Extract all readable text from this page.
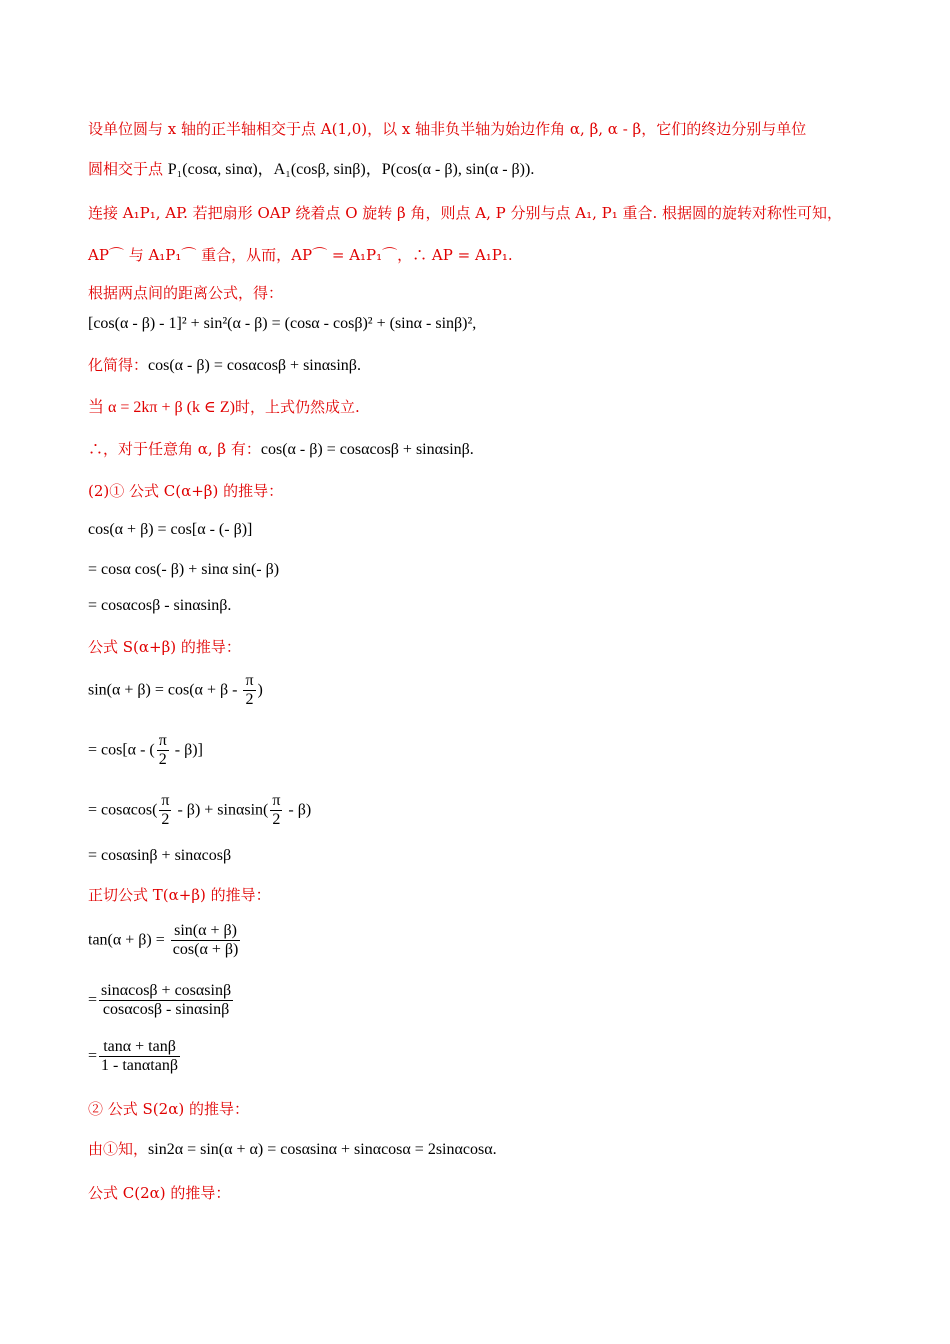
设单位圆与 x 轴的正半轴相交于点 A(1,0)，以 x 轴非负半轴为始边作角 α, β, α - β，它们的终边分别与单位
圆相交于点 P₁(cosα, sinα)，A₁(cosβ, sinβ)，P(cos(α - β), sin(α - β)).
连接 A₁P₁, AP. 若把扇形 OAP 绕着点 O 旋转 β 角，则点 A, P 分别与点 A₁, P₁ 重合. 根据圆的旋转对称性可知，
AP⌒ 与 A₁P₁⌒ 重合，从而，AP⌒ = A₁P₁⌒，∴ AP = A₁P₁.
根据两点间的距离公式，得：
[cos(α - β) - 1]² + sin²(α - β) = (cosα - cosβ)² + (sinα - sinβ)²,
化简得：cos(α - β) = cosαcosβ + sinαsinβ.
当 α = 2kπ + β (k ∈ Z)时，上式仍然成立.
∴，对于任意角 α, β 有：cos(α - β) = cosαcosβ + sinαsinβ.
(2)① 公式 C(α+β) 的推导：
cos(α + β) = cos[α - (- β)]
= cosα cos(- β) + sinα sin(- β)
= cosαcosβ - sinαsinβ.
公式 S(α+β) 的推导：
$\sin(\alpha + \beta) = \cos(\alpha + \beta - \frac{\pi}{2}$ )
= cos[α - ( $\frac{\pi}{2} - \beta$)]
= $\cos\alpha\cos( \frac{\pi}{2} - \beta) + \sin\alpha\sin( \frac{\pi}{2} - \beta)$
= cosαsinβ + sinαcosβ
正切公式 T(α+β) 的推导：
$\tan(\alpha + \beta) = \frac{\sin(\alpha + \beta)}{\cos(\alpha + \beta)}$
= $\frac{\sin\alpha\cos\beta + \cos\alpha\sin\beta}{\cos\alpha\cos\beta - \sin\alpha\sin\beta}$
= $\frac{\tan\alpha + \tan\beta}{1 - \tan\alpha\tan\beta}$
② 公式 S(2α) 的推导：
由①知，sin2α = sin(α + α) = cosαsinα + sinαcosα = 2sinαcosα.
公式 C(2α) 的推导：
